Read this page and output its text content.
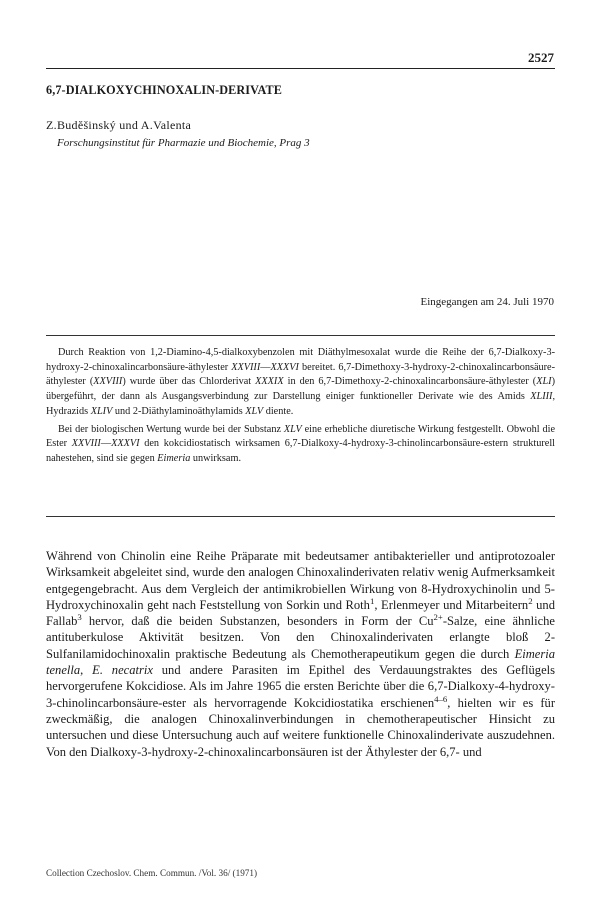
2527
6,7-DIALKOXYCHINOXALIN-DERIVATE
Z.Budĕšinský und A.Valenta
Forschungsinstitut für Pharmazie und Biochemie, Prag 3
Eingegangen am 24. Juli 1970

Durch Reaktion von 1,2-Diamino-4,5-dialkoxybenzolen mit Diäthylmesoxalat wurde die Reihe der 6,7-Dialkoxy-3-hydroxy-2-chinoxalincarbonsäure-äthylester XXVIII—XXXVI bereitet. 6,7-Dimethoxy-3-hydroxy-2-chinoxalincarbonsäure-äthylester (XXVIII) wurde über das Chlorderivat XXXIX in den 6,7-Dimethoxy-2-chinoxalincarbonsäure-äthylester (XLI) übergeführt, der dann als Ausgangsverbindung zur Darstellung einiger funktioneller Derivate wie des Amids XLIII, Hydrazids XLIV und 2-Diäthylaminoäthylamids XLV diente.

Bei der biologischen Wertung wurde bei der Substanz XLV eine erhebliche diuretische Wirkung festgestellt. Obwohl die Ester XXVIII—XXXVI den kokcidiostatisch wirksamen 6,7-Dialkoxy-4-hydroxy-3-chinolincarbonsäure-estern strukturell nahestehen, sind sie gegen Eimeria unwirksam.

Während von Chinolin eine Reihe Präparate mit bedeutsamer antibakterieller und antiprotozoaler Wirksamkeit abgeleitet sind, wurde den analogen Chinoxalinderivaten relativ wenig Aufmerksamkeit entgegengebracht. Aus dem Vergleich der antimikrobiellen Wirkung von 8-Hydroxychinolin und 5-Hydroxychinoxalin geht nach Feststellung von Sorkin und Roth$^1$, Erlenmeyer und Mitarbeitern$^2$ und Fallab$^3$ hervor, daß die beiden Substanzen, besonders in Form der $Cu^{2+}$-Salze, eine ähnliche antituberkulose Aktivität besitzen. Von den Chinoxalinderivaten erlangte bloß 2-Sulfanilamidochinoxalin praktische Bedeutung als Chemotherapeutikum gegen die durch Eimeria tenella, E. necatrix und andere Parasiten im Epithel des Verdauungstraktes des Geflügels hervorgerufene Kokcidiose. Als im Jahre 1965 die ersten Berichte über die 6,7-Dialkoxy-4-hydroxy-3-chinolincarbonsäure-ester als hervorragende Kokcidiostatika erschienen$^{4-6}$, hielten wir es für zweckmäßig, die analogen Chinoxalinverbindungen in chemotherapeutischer Hinsicht zu untersuchen und diese Untersuchung auch auf weitere funktionelle Chinoxalinderivate auszudehnen. Von den Dialkoxy-3-hydroxy-2-chinoxalincarbonsäuren ist der Äthylester der 6,7- und

Collection Czechoslov. Chem. Commun. /Vol. 36/ (1971)
